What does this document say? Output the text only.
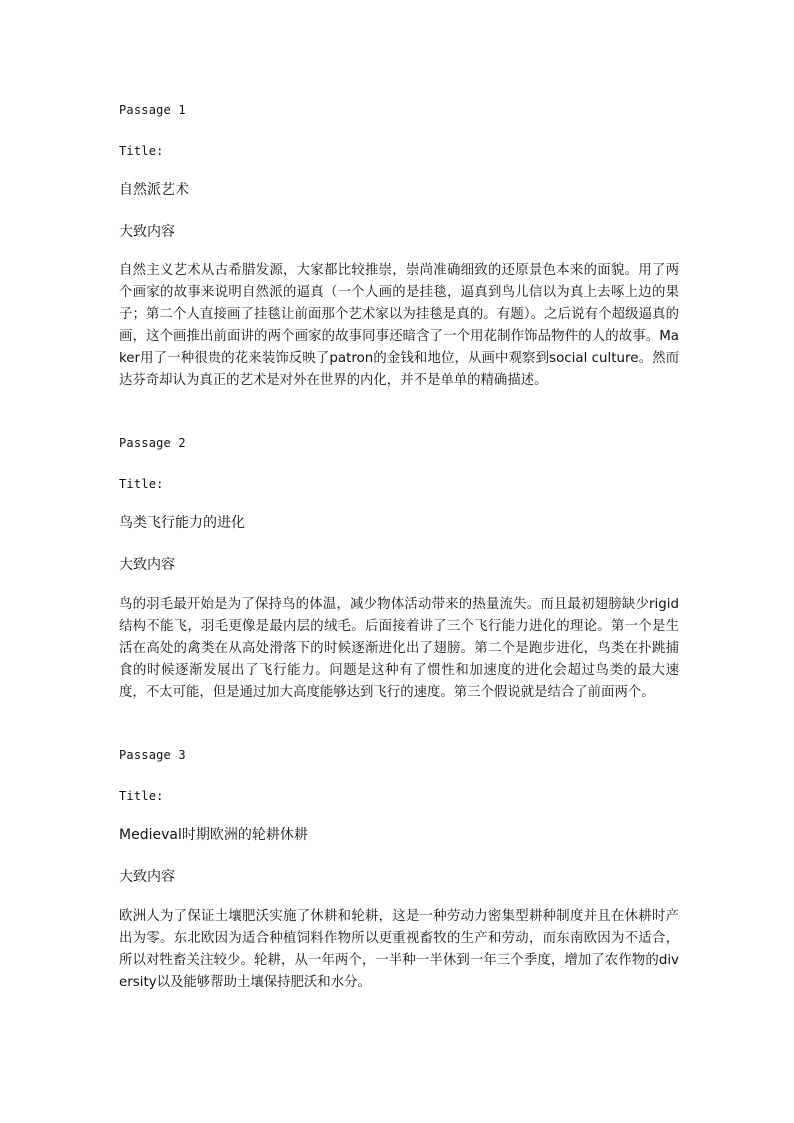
Passage 1
Title:
自然派艺术
大致内容
自然主义艺术从古希腊发源，大家都比较推崇，崇尚准确细致的还原景色本来的面貌。用了两个画家的故事来说明自然派的逼真（一个人画的是挂毯，逼真到鸟儿信以为真上去啄上边的果子；第二个人直接画了挂毯让前面那个艺术家以为挂毯是真的。有题）。之后说有个超级逼真的画，这个画推出前面讲的两个画家的故事同事还暗含了一个用花制作饰品物件的人的故事。Maker用了一种很贵的花来装饰反映了patron的金钱和地位，从画中观察到social culture。然而达芬奇却认为真正的艺术是对外在世界的内化，并不是单单的精确描述。
Passage 2
Title:
鸟类飞行能力的进化
大致内容
鸟的羽毛最开始是为了保持鸟的体温，减少物体活动带来的热量流失。而且最初翅膀缺少rigid结构不能飞，羽毛更像是最内层的绒毛。后面接着讲了三个飞行能力进化的理论。第一个是生活在高处的禽类在从高处滑落下的时候逐渐进化出了翅膀。第二个是跑步进化，鸟类在扑跳捕食的时候逐渐发展出了飞行能力。问题是这种有了惯性和加速度的进化会超过鸟类的最大速度，不太可能，但是通过加大高度能够达到飞行的速度。第三个假说就是结合了前面两个。
Passage 3
Title:
Medieval时期欧洲的轮耕休耕
大致内容
欧洲人为了保证土壤肥沃实施了休耕和轮耕，这是一种劳动力密集型耕种制度并且在休耕时产出为零。东北欧因为适合种植饲料作物所以更重视畜牧的生产和劳动，而东南欧因为不适合，所以对牲畜关注较少。轮耕，从一年两个，一半种一半休到一年三个季度，增加了农作物的diversity以及能够帮助土壤保持肥沃和水分。
